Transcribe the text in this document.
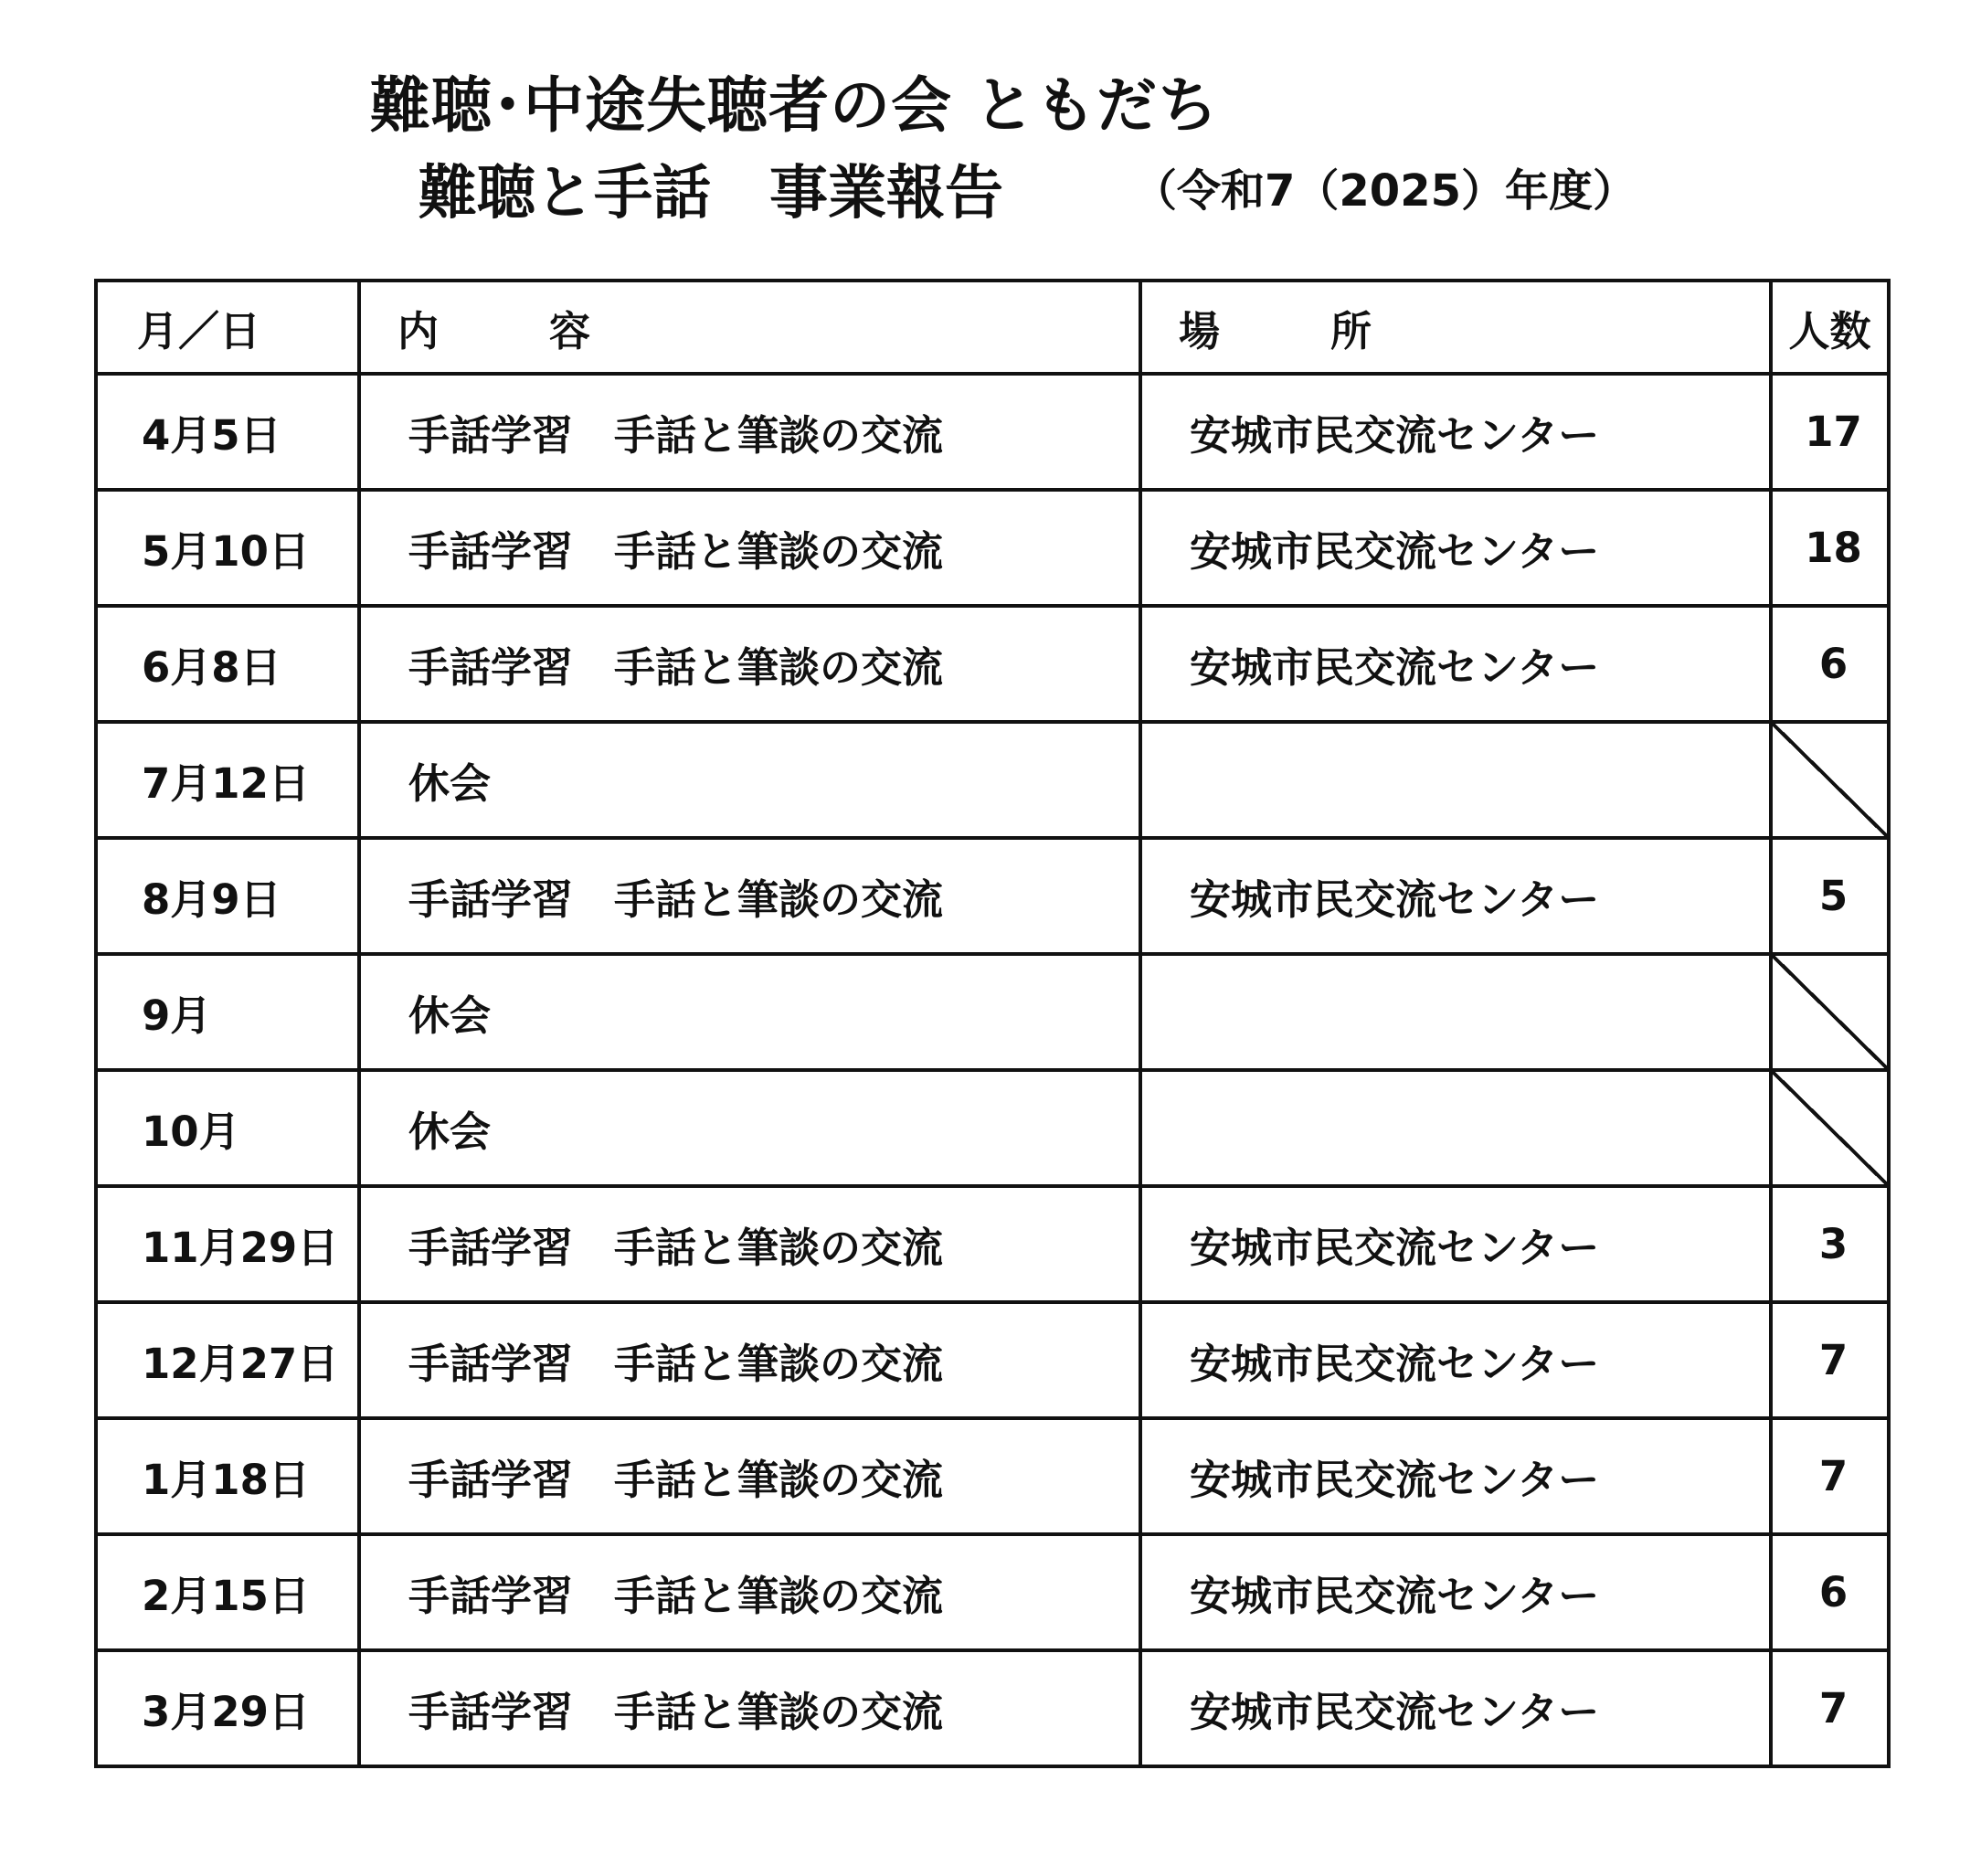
難聴･中途失聴者の会 ともだち
難聴と手話　事業報告	（令和7（2025）年度）
月／日	内　容	場　所	人数
4月5日	手話学習　手話と筆談の交流	安城市民交流センター	17
5月10日	手話学習　手話と筆談の交流	安城市民交流センター	18
6月8日	手話学習　手話と筆談の交流	安城市民交流センター	6
7月12日	休会		
8月9日	手話学習　手話と筆談の交流	安城市民交流センター	5
9月	休会		
10月	休会		
11月29日	手話学習　手話と筆談の交流	安城市民交流センター	3
12月27日	手話学習　手話と筆談の交流	安城市民交流センター	7
1月18日	手話学習　手話と筆談の交流	安城市民交流センター	7
2月15日	手話学習　手話と筆談の交流	安城市民交流センター	6
3月29日	手話学習　手話と筆談の交流	安城市民交流センター	7
